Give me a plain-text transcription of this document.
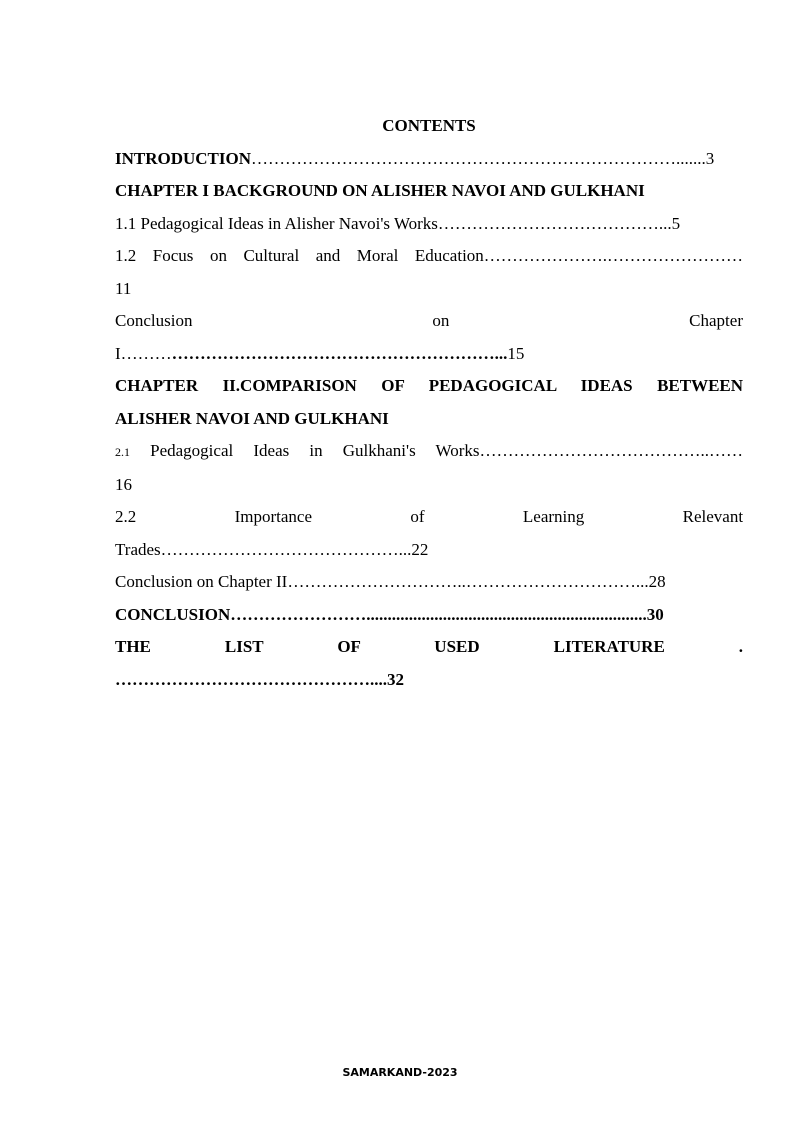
CONTENTS
INTRODUCTION………………………………………………………………….......3
CHAPTER I BACKGROUND ON ALISHER NAVOI AND GULKHANI
1.1 Pedagogical Ideas in Alisher Navoi's Works…………………………………...5
1.2 Focus on Cultural and Moral Education………………….……………………
11
Conclusion	on	Chapter
I…………………………………………………………...15
CHAPTER II.COMPARISON OF PEDAGOGICAL IDEAS BETWEEN
ALISHER NAVOI AND GULKHANI
2.1 Pedagogical Ideas in Gulkhani's Works…………………………………..……
16
2.2	Importance	of	Learning	Relevant
Trades……………………………………...22
Conclusion on Chapter II…………………………..…………………………...28
CONCLUSION……………………..................................................................30
THE	LIST	OF	USED	LITERATURE	.
………………………………………....32
SAMARKAND-2023
